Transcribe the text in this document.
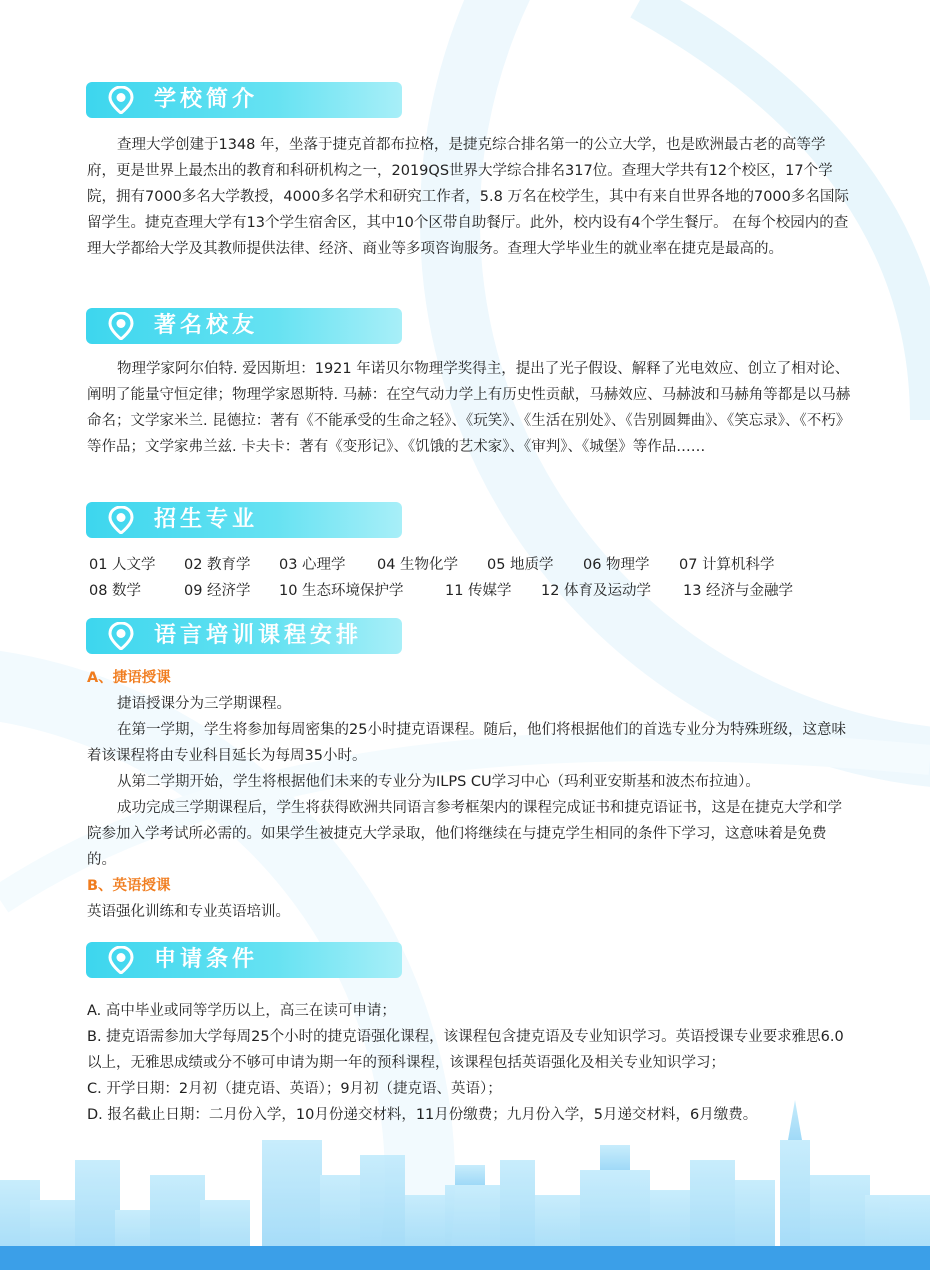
学校简介

查理大学创建于1348 年，坐落于捷克首都布拉格，是捷克综合排名第一的公立大学，也是欧洲最古老的高等学府，更是世界上最杰出的教育和科研机构之一，2019QS世界大学综合排名317位。查理大学共有12个校区，17个学院，拥有7000多名大学教授，4000多名学术和研究工作者，5.8 万名在校学生，其中有来自世界各地的7000多名国际留学生。捷克查理大学有13个学生宿舍区，其中10个区带自助餐厅。此外，校内设有4个学生餐厅。 在每个校园内的查理大学都给大学及其教师提供法律、经济、商业等多项咨询服务。查理大学毕业生的就业率在捷克是最高的。

著名校友

物理学家阿尔伯特. 爱因斯坦：1921 年诺贝尔物理学奖得主，提出了光子假设、解释了光电效应、创立了相对论、阐明了能量守恒定律；物理学家恩斯特. 马赫：在空气动力学上有历史性贡献，马赫效应、马赫波和马赫角等都是以马赫命名；文学家米兰. 昆德拉：著有《不能承受的生命之轻》、《玩笑》、《生活在别处》、《告别圆舞曲》、《笑忘录》、《不朽》等作品；文学家弗兰兹. 卡夫卡：著有《变形记》、《饥饿的艺术家》、《审判》、《城堡》等作品……

招生专业
01 人文学 02 教育学 03 心理学 04 生物化学 05 地质学 06 物理学 07 计算机科学
08 数学	09 经济学 10 生态环境保护学	11 传媒学 12 体育及运动学 13 经济与金融学
语言培训课程安排

A、捷语授课

捷语授课分为三学期课程。

在第一学期，学生将参加每周密集的25小时捷克语课程。随后，他们将根据他们的首选专业分为特殊班级，这意味着该课程将由专业科目延长为每周35小时。

从第二学期开始，学生将根据他们未来的专业分为ILPS CU学习中心（玛利亚安斯基和波杰布拉迪）。

成功完成三学期课程后，学生将获得欧洲共同语言参考框架内的课程完成证书和捷克语证书，这是在捷克大学和学院参加入学考试所必需的。如果学生被捷克大学录取，他们将继续在与捷克学生相同的条件下学习，这意味着是免费的。

B、英语授课

英语强化训练和专业英语培训。

申请条件

A. 高中毕业或同等学历以上，高三在读可申请；

B. 捷克语需参加大学每周25个小时的捷克语强化课程，该课程包含捷克语及专业知识学习。英语授课专业要求雅思6.0以上，无雅思成绩或分不够可申请为期一年的预科课程，该课程包括英语强化及相关专业知识学习；

C. 开学日期：2月初（捷克语、英语）；9月初（捷克语、英语）；

D. 报名截止日期：二月份入学，10月份递交材料，11月份缴费；九月份入学，5月递交材料，6月缴费。
